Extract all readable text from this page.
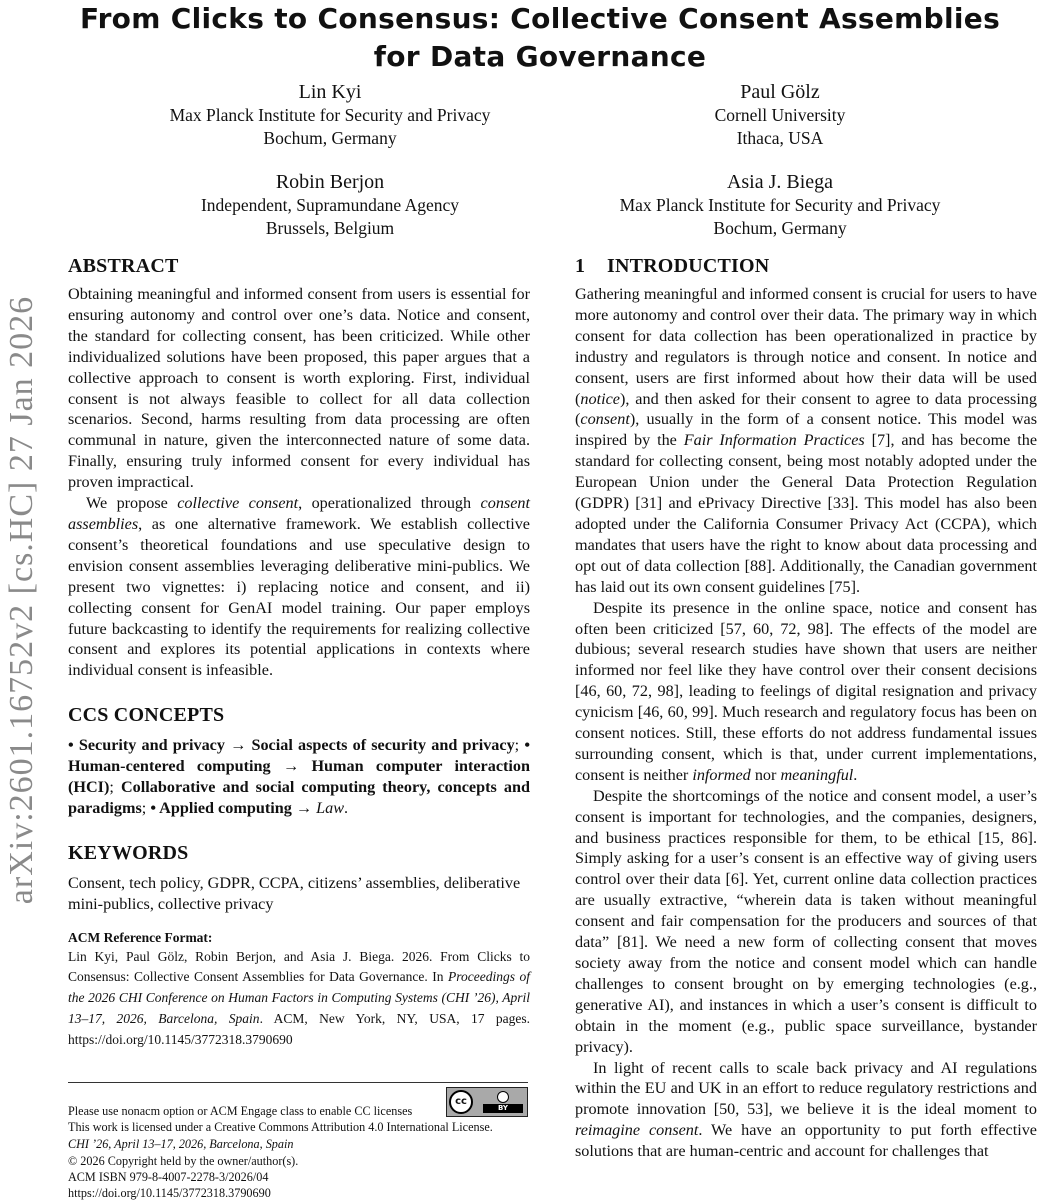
From Clicks to Consensus: Collective Consent Assemblies for Data Governance
Lin Kyi
Max Planck Institute for Security and Privacy
Bochum, Germany
Paul Gölz
Cornell University
Ithaca, USA
Robin Berjon
Independent, Supramundane Agency
Brussels, Belgium
Asia J. Biega
Max Planck Institute for Security and Privacy
Bochum, Germany
arXiv:2601.16752v2 [cs.HC] 27 Jan 2026
ABSTRACT

Obtaining meaningful and informed consent from users is essential for ensuring autonomy and control over one’s data. Notice and consent, the standard for collecting consent, has been criticized. While other individualized solutions have been proposed, this paper argues that a collective approach to consent is worth exploring. First, individual consent is not always feasible to collect for all data collection scenarios. Second, harms resulting from data processing are often communal in nature, given the interconnected nature of some data. Finally, ensuring truly informed consent for every individual has proven impractical.

We propose collective consent, operationalized through consent assemblies, as one alternative framework. We establish collective consent’s theoretical foundations and use speculative design to envision consent assemblies leveraging deliberative mini-publics. We present two vignettes: i) replacing notice and consent, and ii) collecting consent for GenAI model training. Our paper employs future backcasting to identify the requirements for realizing collective consent and explores its potential applications in contexts where individual consent is infeasible.

CCS CONCEPTS

• Security and privacy → Social aspects of security and privacy; • Human-centered computing → Human computer interaction (HCI); Collaborative and social computing theory, concepts and paradigms; • Applied computing → Law.

KEYWORDS

Consent, tech policy, GDPR, CCPA, citizens’ assemblies, deliberative mini-publics, collective privacy

ACM Reference Format:

Lin Kyi, Paul Gölz, Robin Berjon, and Asia J. Biega. 2026. From Clicks to Consensus: Collective Consent Assemblies for Data Governance. In Proceedings of the 2026 CHI Conference on Human Factors in Computing Systems (CHI ’26), April 13–17, 2026, Barcelona, Spain. ACM, New York, NY, USA, 17 pages. https://doi.org/10.1145/3772318.3790690

Please use nonacm option or ACM Engage class to enable CC licenses
cc
BY
This work is licensed under a Creative Commons Attribution 4.0 International License.
CHI ’26, April 13–17, 2026, Barcelona, Spain
© 2026 Copyright held by the owner/author(s).
ACM ISBN 979-8-4007-2278-3/2026/04
https://doi.org/10.1145/3772318.3790690
1 INTRODUCTION

Gathering meaningful and informed consent is crucial for users to have more autonomy and control over their data. The primary way in which consent for data collection has been operationalized in practice by industry and regulators is through notice and consent. In notice and consent, users are first informed about how their data will be used (notice), and then asked for their consent to agree to data processing (consent), usually in the form of a consent notice. This model was inspired by the Fair Information Practices [7], and has become the standard for collecting consent, being most notably adopted under the European Union under the General Data Protection Regulation (GDPR) [31] and ePrivacy Directive [33]. This model has also been adopted under the California Consumer Privacy Act (CCPA), which mandates that users have the right to know about data processing and opt out of data collection [88]. Additionally, the Canadian government has laid out its own consent guidelines [75].

Despite its presence in the online space, notice and consent has often been criticized [57, 60, 72, 98]. The effects of the model are dubious; several research studies have shown that users are neither informed nor feel like they have control over their consent decisions [46, 60, 72, 98], leading to feelings of digital resignation and privacy cynicism [46, 60, 99]. Much research and regulatory focus has been on consent notices. Still, these efforts do not address fundamental issues surrounding consent, which is that, under current implementations, consent is neither informed nor meaningful.

Despite the shortcomings of the notice and consent model, a user’s consent is important for technologies, and the companies, designers, and business practices responsible for them, to be ethical [15, 86]. Simply asking for a user’s consent is an effective way of giving users control over their data [6]. Yet, current online data collection practices are usually extractive, “wherein data is taken without meaningful consent and fair compensation for the producers and sources of that data” [81]. We need a new form of collecting consent that moves society away from the notice and consent model which can handle challenges to consent brought on by emerging technologies (e.g., generative AI), and instances in which a user’s consent is difficult to obtain in the moment (e.g., public space surveillance, bystander privacy).

In light of recent calls to scale back privacy and AI regulations within the EU and UK in an effort to reduce regulatory restrictions and promote innovation [50, 53], we believe it is the ideal moment to reimagine consent. We have an opportunity to put forth effective solutions that are human-centric and account for challenges that
